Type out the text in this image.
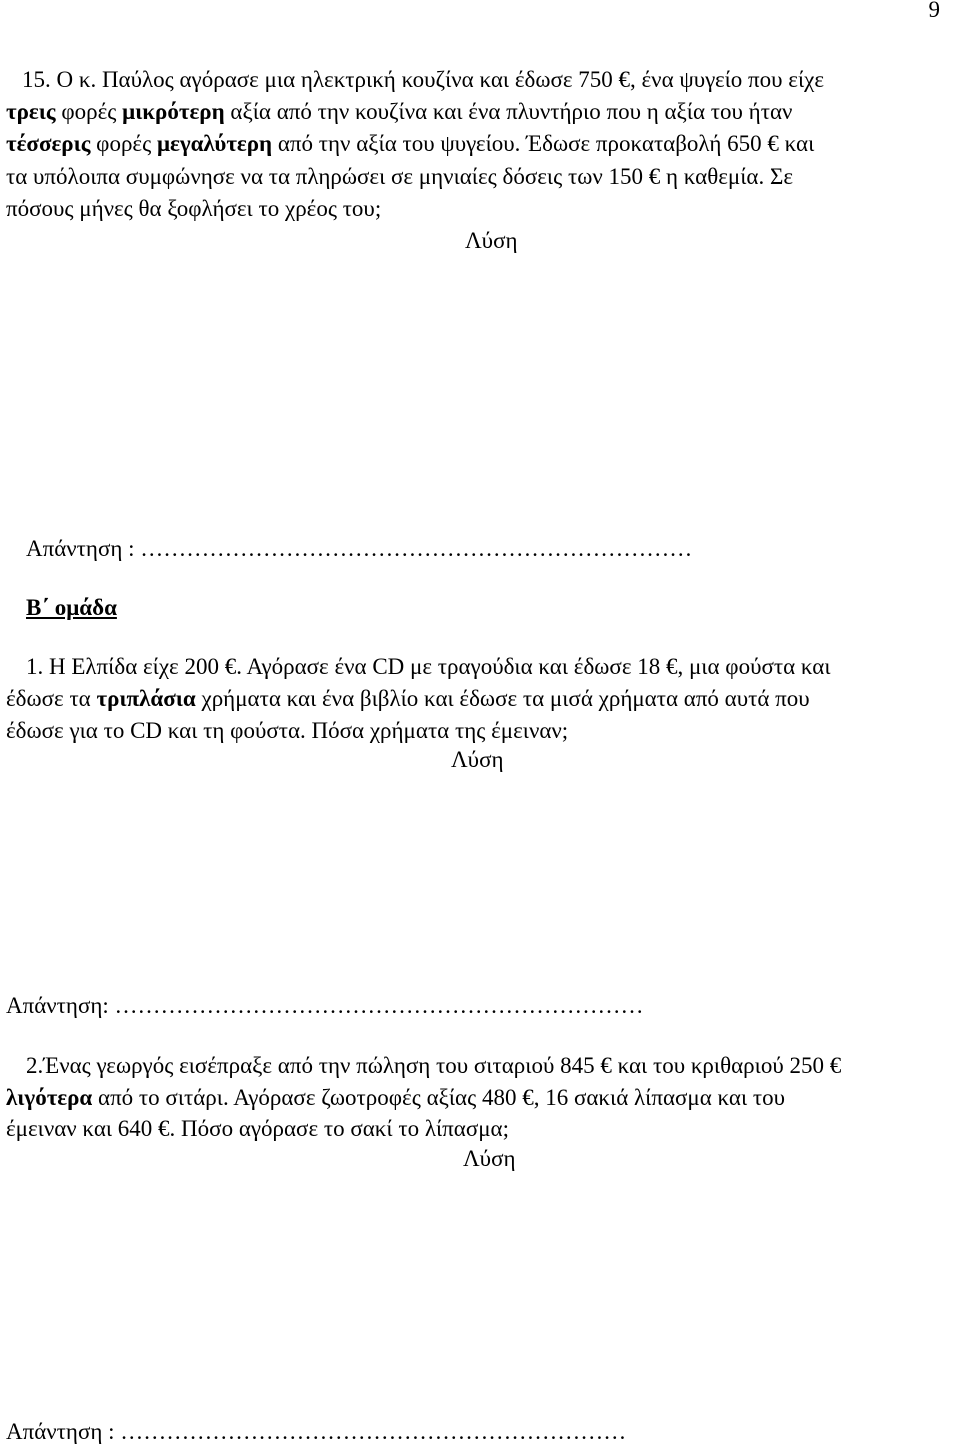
9
15. Ο κ. Παύλος αγόρασε μια ηλεκτρική κουζίνα και έδωσε 750 €, ένα ψυγείο που είχε
τρεις φορές μικρότερη αξία από την κουζίνα και ένα πλυντήριο που η αξία του ήταν
τέσσερις φορές μεγαλύτερη από την αξία του ψυγείου. Έδωσε προκαταβολή 650 € και
τα υπόλοιπα συμφώνησε να τα πληρώσει σε μηνιαίες δόσεις των 150 € η καθεμία. Σε
πόσους μήνες θα ξοφλήσει το χρέος του;
Λύση
Απάντηση : ………………………………………………………………
Β΄ ομάδα
1. Η Ελπίδα είχε 200 €. Αγόρασε ένα CD με τραγούδια και έδωσε 18 €, μια φούστα και
έδωσε τα τριπλάσια χρήματα και ένα βιβλίο και έδωσε τα μισά χρήματα από αυτά που
έδωσε για το CD και τη φούστα. Πόσα χρήματα της έμειναν;
Λύση
Απάντηση: ……………………………………………………………
2.Ένας γεωργός εισέπραξε από την πώληση του σιταριού 845 € και του κριθαριού 250 €
λιγότερα από το σιτάρι. Αγόρασε ζωοτροφές αξίας 480 €, 16 σακιά λίπασμα και του
έμειναν και 640 €. Πόσο αγόρασε το σακί το λίπασμα;
Λύση
Απάντηση : …………………………………………………………
